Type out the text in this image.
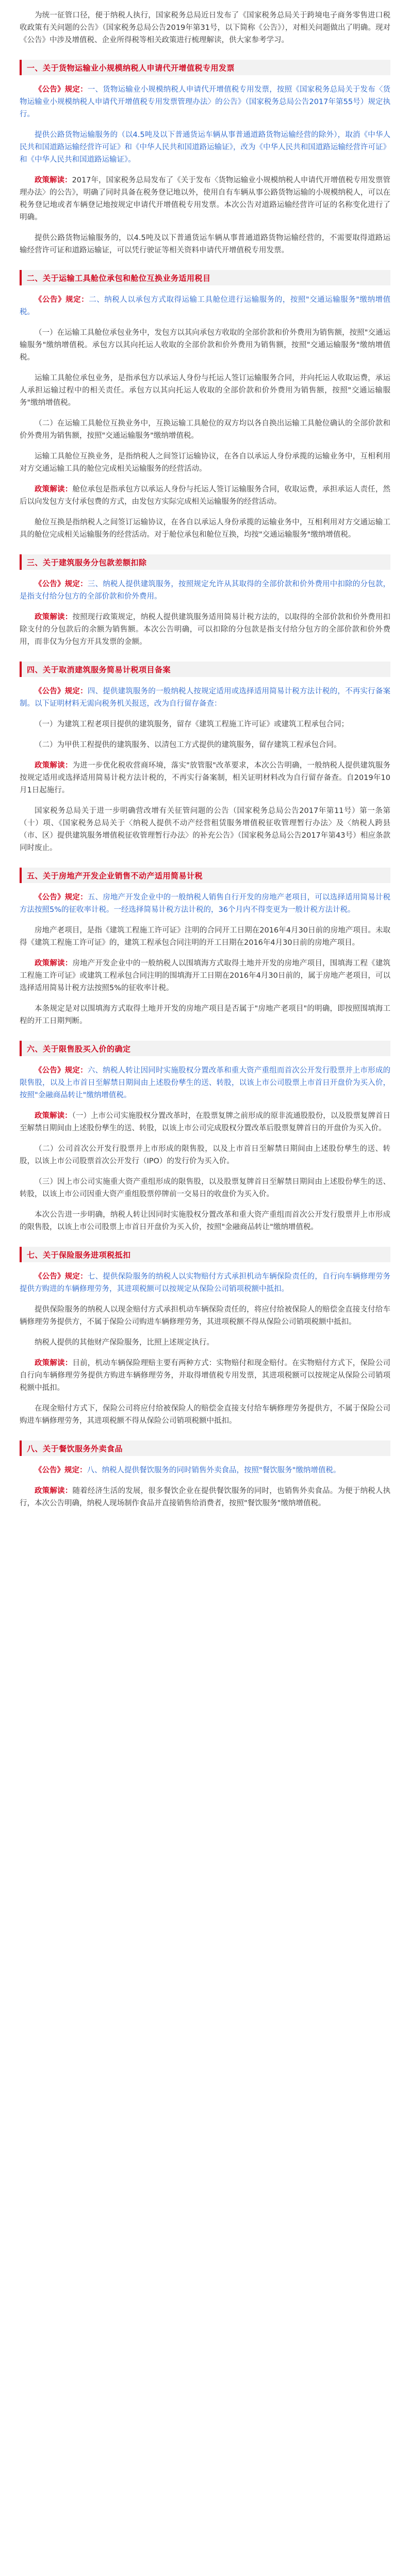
为统一征管口径，便于纳税人执行，国家税务总局近日发布了《国家税务总局关于跨境电子商务零售进口税收政策有关问题的公告》（国家税务总局公告2019年第31号，以下简称《公告》），对相关问题做出了明确。现对《公告》中涉及增值税、企业所得税等相关政策进行梳理解读，供大家参考学习。

一、关于货物运输业小规模纳税人申请代开增值税专用发票

《公告》规定：一、货物运输业小规模纳税人申请代开增值税专用发票，按照《国家税务总局关于发布〈货物运输业小规模纳税人申请代开增值税专用发票管理办法〉的公告》（国家税务总局公告2017年第55号）规定执行。

提供公路货物运输服务的（以4.5吨及以下普通货运车辆从事普通道路货物运输经营的除外），取消《中华人民共和国道路运输经营许可证》和《中华人民共和国道路运输证》，改为《中华人民共和国道路运输经营许可证》和《中华人民共和国道路运输证》。

政策解读：2017年，国家税务总局发布了《关于发布〈货物运输业小规模纳税人申请代开增值税专用发票管理办法〉的公告》，明确了同时具备在税务登记地以外，使用自有车辆从事公路货物运输的小规模纳税人，可以在税务登记地或者车辆登记地按规定申请代开增值税专用发票。本次公告对道路运输经营许可证的名称变化进行了明确。

提供公路货物运输服务的，以4.5吨及以下普通货运车辆从事普通道路货物运输经营的，不需要取得道路运输经营许可证和道路运输证，可以凭行驶证等相关资料申请代开增值税专用发票。

二、关于运输工具舱位承包和舱位互换业务适用税目

《公告》规定：二、纳税人以承包方式取得运输工具舱位进行运输服务的，按照"交通运输服务"缴纳增值税。

（一）在运输工具舱位承包业务中，发包方以其向承包方收取的全部价款和价外费用为销售额，按照"交通运输服务"缴纳增值税。承包方以其向托运人收取的全部价款和价外费用为销售额，按照"交通运输服务"缴纳增值税。

运输工具舱位承包业务，是指承包方以承运人身份与托运人签订运输服务合同，并向托运人收取运费，承运人承担运输过程中的相关责任。承包方以其向托运人收取的全部价款和价外费用为销售额，按照"交通运输服务"缴纳增值税。

（二）在运输工具舱位互换业务中，互换运输工具舱位的双方均以各自换出运输工具舱位确认的全部价款和价外费用为销售额，按照"交通运输服务"缴纳增值税。

运输工具舱位互换业务，是指纳税人之间签订运输协议，在各自以承运人身份承揽的运输业务中，互相利用对方交通运输工具的舱位完成相关运输服务的经营活动。

政策解读：舱位承包是指承包方以承运人身份与托运人签订运输服务合同，收取运费，承担承运人责任，然后以向发包方支付承包费的方式，由发包方实际完成相关运输服务的经营活动。

舱位互换是指纳税人之间签订运输协议，在各自以承运人身份承揽的运输业务中，互相利用对方交通运输工具的舱位完成相关运输服务的经营活动。对于舱位承包和舱位互换，均按"交通运输服务"缴纳增值税。

三、关于建筑服务分包款差额扣除

《公告》规定：三、纳税人提供建筑服务，按照规定允许从其取得的全部价款和价外费用中扣除的分包款，是指支付给分包方的全部价款和价外费用。

政策解读：按照现行政策规定，纳税人提供建筑服务适用简易计税方法的，以取得的全部价款和价外费用扣除支付的分包款后的余额为销售额。本次公告明确，可以扣除的分包款是指支付给分包方的全部价款和价外费用，而非仅为分包方开具发票的金额。

四、关于取消建筑服务简易计税项目备案

《公告》规定：四、提供建筑服务的一般纳税人按规定适用或选择适用简易计税方法计税的，不再实行备案制。以下证明材料无需向税务机关报送，改为自行留存备查：

（一）为建筑工程老项目提供的建筑服务，留存《建筑工程施工许可证》或建筑工程承包合同；

（二）为甲供工程提供的建筑服务、以清包工方式提供的建筑服务，留存建筑工程承包合同。

政策解读：为进一步优化税收营商环境，落实"放管服"改革要求，本次公告明确，一般纳税人提供建筑服务按规定适用或选择适用简易计税方法计税的，不再实行备案制，相关证明材料改为自行留存备查。自2019年10月1日起施行。

国家税务总局关于进一步明确营改增有关征管问题的公告（国家税务总局公告2017年第11号）第一条第（十）项、《国家税务总局关于〈纳税人提供不动产经营租赁服务增值税征收管理暂行办法〉及〈纳税人跨县（市、区）提供建筑服务增值税征收管理暂行办法〉的补充公告》（国家税务总局公告2017年第43号）相应条款同时废止。

五、关于房地产开发企业销售不动产适用简易计税

《公告》规定：五、房地产开发企业中的一般纳税人销售自行开发的房地产老项目，可以选择适用简易计税方法按照5%的征收率计税。一经选择简易计税方法计税的，36个月内不得变更为一般计税方法计税。

房地产老项目，是指《建筑工程施工许可证》注明的合同开工日期在2016年4月30日前的房地产项目。未取得《建筑工程施工许可证》的，建筑工程承包合同注明的开工日期在2016年4月30日前的房地产项目。

政策解读：房地产开发企业中的一般纳税人以围填海方式取得土地并开发的房地产项目，围填海工程《建筑工程施工许可证》或建筑工程承包合同注明的围填海开工日期在2016年4月30日前的，属于房地产老项目，可以选择适用简易计税方法按照5%的征收率计税。

本条规定是对以围填海方式取得土地并开发的房地产项目是否属于"房地产老项目"的明确，即按照围填海工程的开工日期判断。

六、关于限售股买入价的确定

《公告》规定：六、纳税人转让因同时实施股权分置改革和重大资产重组而首次公开发行股票并上市形成的限售股，以及上市首日至解禁日期间由上述股份孳生的送、转股，以该上市公司股票上市首日开盘价为买入价，按照"金融商品转让"缴纳增值税。

政策解读：（一）上市公司实施股权分置改革时，在股票复牌之前形成的原非流通股股份，以及股票复牌首日至解禁日期间由上述股份孳生的送、转股，以该上市公司完成股权分置改革后股票复牌首日的开盘价为买入价。

（二）公司首次公开发行股票并上市形成的限售股，以及上市首日至解禁日期间由上述股份孳生的送、转股，以该上市公司股票首次公开发行（IPO）的发行价为买入价。

（三）因上市公司实施重大资产重组形成的限售股，以及股票复牌首日至解禁日期间由上述股份孳生的送、转股，以该上市公司因重大资产重组股票停牌前一交易日的收盘价为买入价。

本次公告进一步明确，纳税人转让因同时实施股权分置改革和重大资产重组而首次公开发行股票并上市形成的限售股，以该上市公司股票上市首日开盘价为买入价，按照"金融商品转让"缴纳增值税。

七、关于保险服务进项税抵扣

《公告》规定：七、提供保险服务的纳税人以实物赔付方式承担机动车辆保险责任的，自行向车辆修理劳务提供方购进的车辆修理劳务，其进项税额可以按规定从保险公司销项税额中抵扣。

提供保险服务的纳税人以现金赔付方式承担机动车辆保险责任的，将应付给被保险人的赔偿金直接支付给车辆修理劳务提供方，不属于保险公司购进车辆修理劳务，其进项税额不得从保险公司销项税额中抵扣。

纳税人提供的其他财产保险服务，比照上述规定执行。

政策解读：目前，机动车辆保险理赔主要有两种方式：实物赔付和现金赔付。在实物赔付方式下，保险公司自行向车辆修理劳务提供方购进车辆修理劳务，并取得增值税专用发票，其进项税额可以按规定从保险公司销项税额中抵扣。

在现金赔付方式下，保险公司将应付给被保险人的赔偿金直接支付给车辆修理劳务提供方，不属于保险公司购进车辆修理劳务，其进项税额不得从保险公司销项税额中抵扣。

八、关于餐饮服务外卖食品

《公告》规定：八、纳税人提供餐饮服务的同时销售外卖食品，按照"餐饮服务"缴纳增值税。

政策解读：随着经济生活的发展，很多餐饮企业在提供餐饮服务的同时，也销售外卖食品。为便于纳税人执行，本次公告明确，纳税人现场制作食品并直接销售给消费者，按照"餐饮服务"缴纳增值税。
